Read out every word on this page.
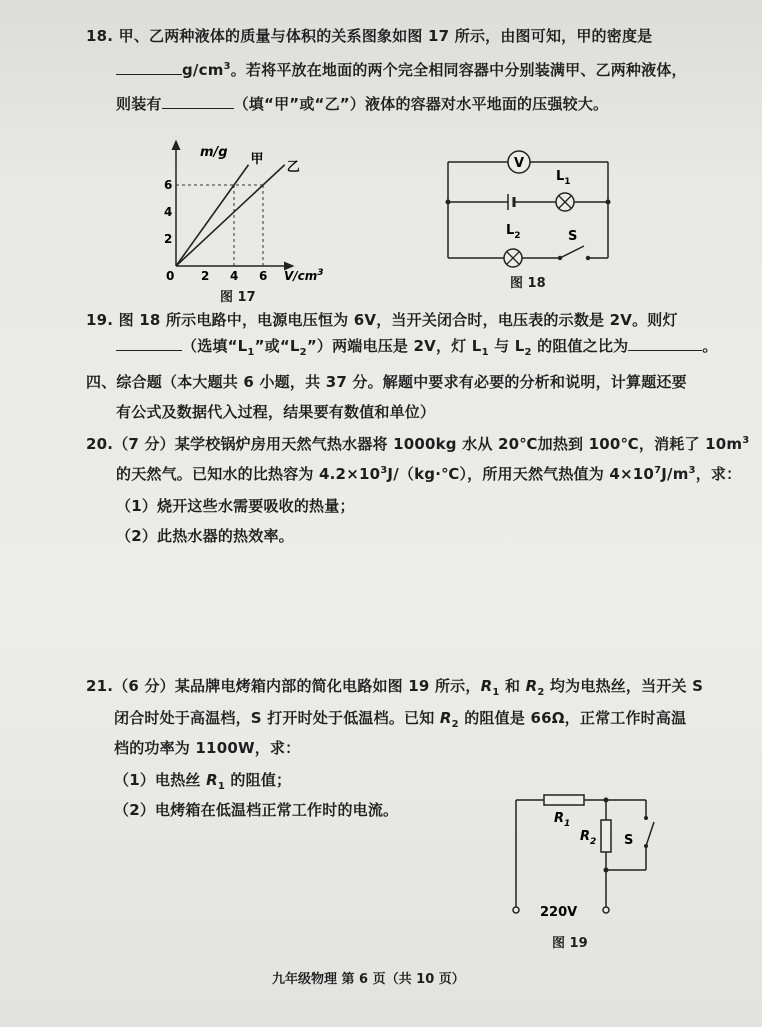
18. 甲、乙两种液体的质量与体积的关系图象如图 17 所示，由图可知，甲的密度是
$g/cm^3$。若将平放在地面的两个完全相同容器中分别装满甲、乙两种液体，
则装有	（填“甲”或“乙”）液体的容器对水平地面的压强较大。
甲
乙
2
4
6
2 4 6
m/g
0	$V/cm^3$
图 17
V
$L_1$
$L_2$	S
图 18
19. 图 18 所示电路中，电源电压恒为 6V，当开关闭合时，电压表的示数是 2V。则灯
（选填“$L_1$”或“$L_2$”）两端电压是 2V，灯 $L_1$ 与 $L_2$ 的阻值之比为	。
四、综合题（本大题共 6 小题，共 37 分。解题中要求有必要的分析和说明，计算题还要
有公式及数据代入过程，结果要有数值和单位）
20.（7 分）某学校锅炉房用天然气热水器将 1000kg 水从 20℃加热到 100℃，消耗了 $10m^3$
的天然气。已知水的比热容为 $4.2\times 10^3J/(kg\cdot℃)$，所用天然气热值为 $4\times 10^7J/m^3$，求：
（1）烧开这些水需要吸收的热量；
（2）此热水器的热效率。
21.（6 分）某品牌电烤箱内部的简化电路如图 19 所示，$R_1$ 和 $R_2$ 均为电热丝，当开关 S
闭合时处于高温档，S 打开时处于低温档。已知 $R_2$ 的阻值是 66Ω，正常工作时高温
档的功率为 1100W，求：
（1）电热丝 $R_1$ 的阻值；
（2）电烤箱在低温档正常工作时的电流。	$R_1$
$R_2$ S
220V
图 19
九年级物理 第 6 页（共 10 页）
